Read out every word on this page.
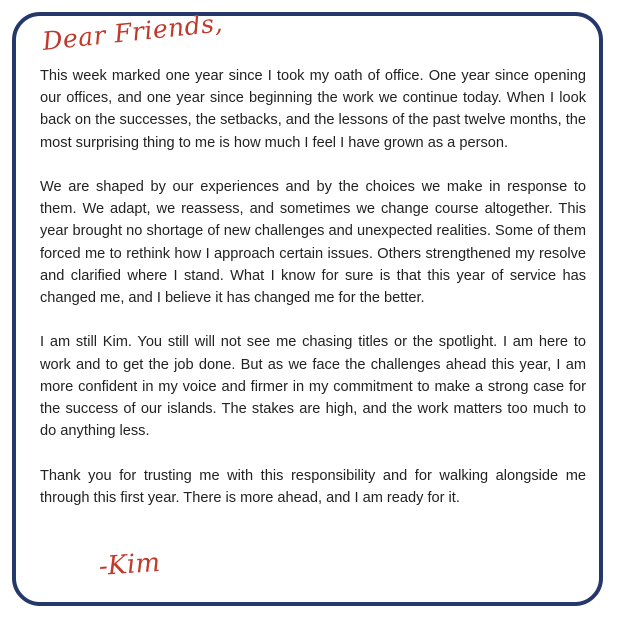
Dear Friends,

This week marked one year since I took my oath of office. One year since opening our offices, and one year since beginning the work we continue today. When I look back on the successes, the setbacks, and the lessons of the past twelve months, the most surprising thing to me is how much I feel I have grown as a person.

We are shaped by our experiences and by the choices we make in response to them. We adapt, we reassess, and sometimes we change course altogether. This year brought no shortage of new challenges and unexpected realities. Some of them forced me to rethink how I approach certain issues. Others strengthened my resolve and clarified where I stand. What I know for sure is that this year of service has changed me, and I believe it has changed me for the better.

I am still Kim. You still will not see me chasing titles or the spotlight. I am here to work and to get the job done. But as we face the challenges ahead this year, I am more confident in my voice and firmer in my commitment to make a strong case for the success of our islands. The stakes are high, and the work matters too much to do anything less.

Thank you for trusting me with this responsibility and for walking alongside me through this first year. There is more ahead, and I am ready for it.

-Kim
